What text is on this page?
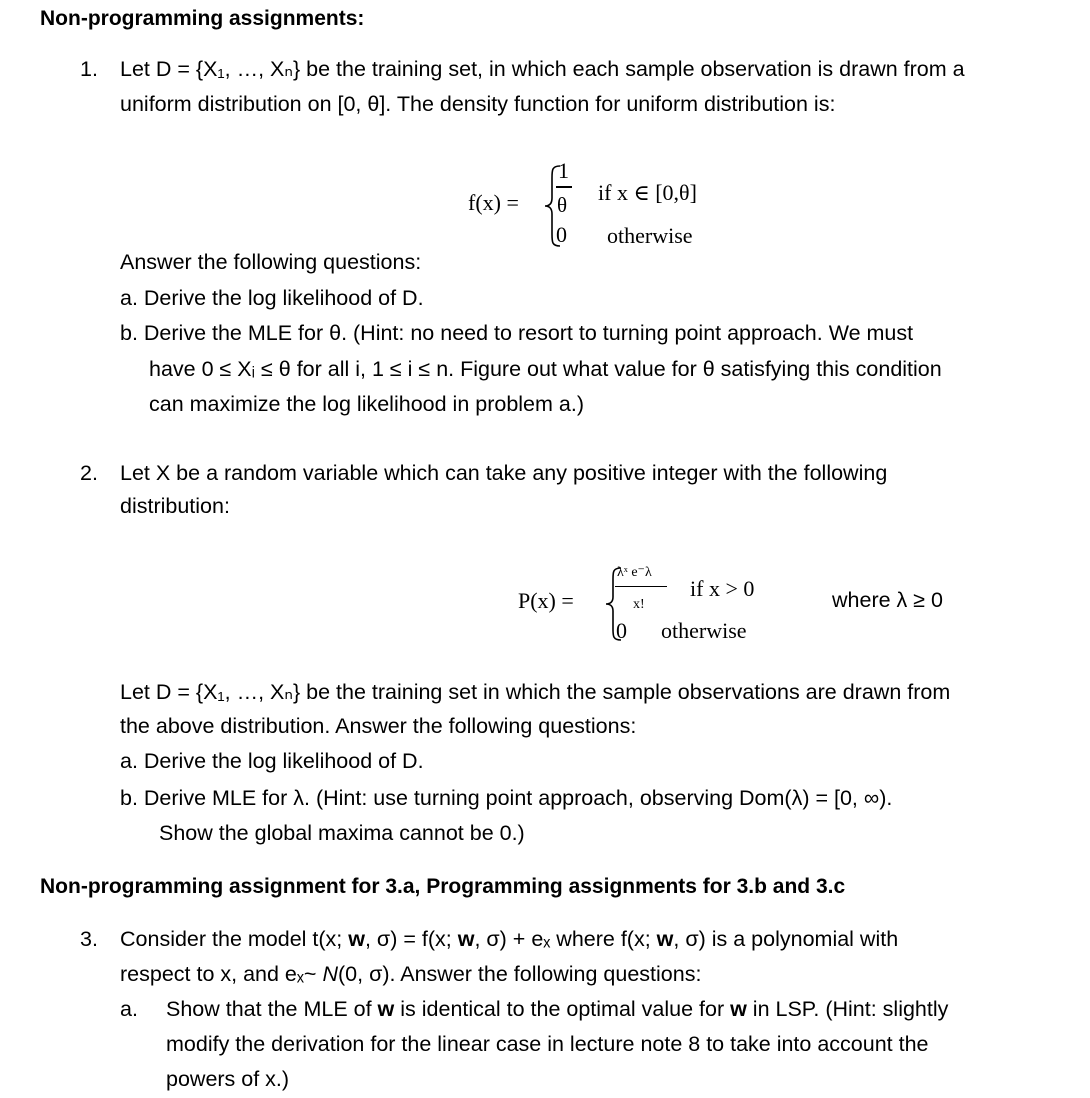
Non-programming assignments:
1. Let D = {X₁, …, Xₙ} be the training set, in which each sample observation is drawn from a
uniform distribution on [0, θ]. The density function for uniform distribution is:
f(x) =
1
θ if x ∈ [0,θ]
0 otherwise
Answer the following questions:
a. Derive the log likelihood of D.
b. Derive the MLE for θ. (Hint: no need to resort to turning point approach. We must
have 0 ≤ Xᵢ ≤ θ for all i, 1 ≤ i ≤ n. Figure out what value for θ satisfying this condition
can maximize the log likelihood in problem a.)
2. Let X be a random variable which can take any positive integer with the following
distribution:
P(x) =
λˣ e⁻λ
x!
if x > 0
0 otherwise
where λ ≥ 0
Let D = {X₁, …, Xₙ} be the training set in which the sample observations are drawn from
the above distribution. Answer the following questions:
a. Derive the log likelihood of D.
b. Derive MLE for λ. (Hint: use turning point approach, observing Dom(λ) = [0, ∞).
Show the global maxima cannot be 0.)
Non-programming assignment for 3.a, Programming assignments for 3.b and 3.c
3. Consider the model t(x; w, σ) = f(x; w, σ) + eₓ where f(x; w, σ) is a polynomial with
respect to x, and eₓ~ N(0, σ). Answer the following questions:
a. Show that the MLE of w is identical to the optimal value for w in LSP. (Hint: slightly
modify the derivation for the linear case in lecture note 8 to take into account the
powers of x.)
